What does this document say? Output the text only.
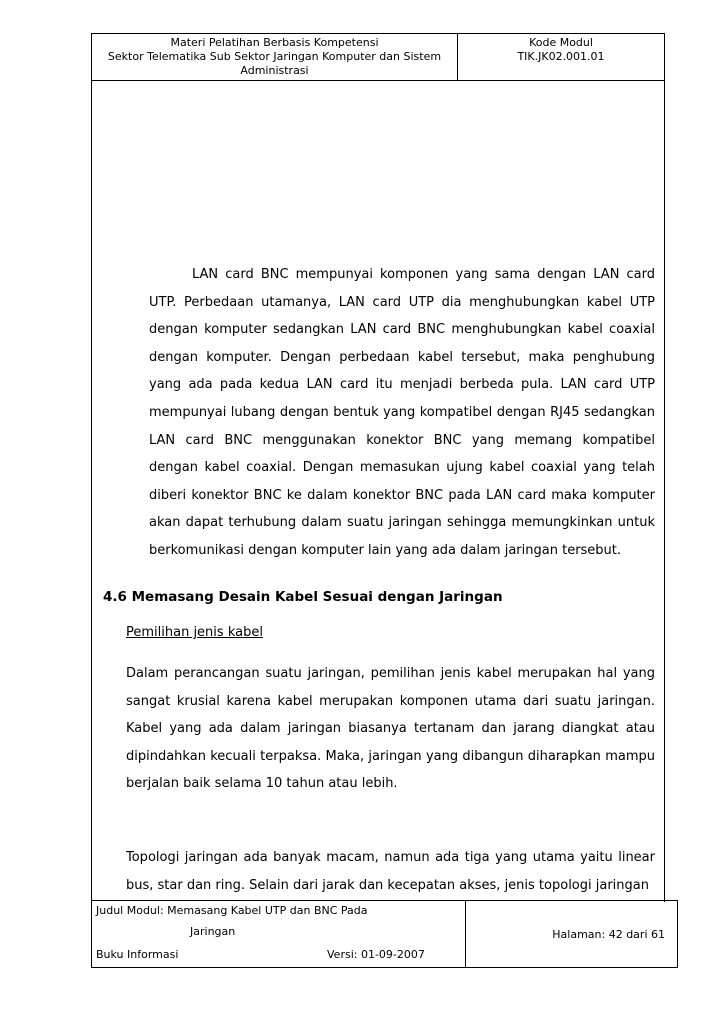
Materi Pelatihan Berbasis Kompetensi
Sektor Telematika Sub Sektor Jaringan Komputer dan Sistem
Administrasi
Kode Modul
TIK.JK02.001.01
LAN card BNC mempunyai komponen yang sama dengan LAN card UTP. Perbedaan utamanya, LAN card UTP dia menghubungkan kabel UTP dengan komputer sedangkan LAN card BNC menghubungkan kabel coaxial dengan komputer. Dengan perbedaan kabel tersebut, maka penghubung yang ada pada kedua LAN card itu menjadi berbeda pula. LAN card UTP mempunyai lubang dengan bentuk yang kompatibel dengan RJ45 sedangkan LAN card BNC menggunakan konektor BNC yang memang kompatibel dengan kabel coaxial. Dengan memasukan ujung kabel coaxial yang telah diberi konektor BNC ke dalam konektor BNC pada LAN card maka komputer akan dapat terhubung dalam suatu jaringan sehingga memungkinkan untuk berkomunikasi dengan komputer lain yang ada dalam jaringan tersebut.
4.6 Memasang Desain Kabel Sesuai dengan Jaringan
Pemilihan jenis kabel
Dalam perancangan suatu jaringan, pemilihan jenis kabel merupakan hal yang sangat krusial karena kabel merupakan komponen utama dari suatu jaringan. Kabel yang ada dalam jaringan biasanya tertanam dan jarang diangkat atau dipindahkan kecuali terpaksa. Maka, jaringan yang dibangun diharapkan mampu berjalan baik selama 10 tahun atau lebih.
Topologi jaringan ada banyak macam, namun ada tiga yang utama yaitu linear bus, star dan ring. Selain dari jarak dan kecepatan akses, jenis topologi jaringan
Judul Modul: Memasang Kabel UTP dan BNC Pada
Jaringan
Buku Informasi	Versi: 01-09-2007
Halaman: 42 dari 61
